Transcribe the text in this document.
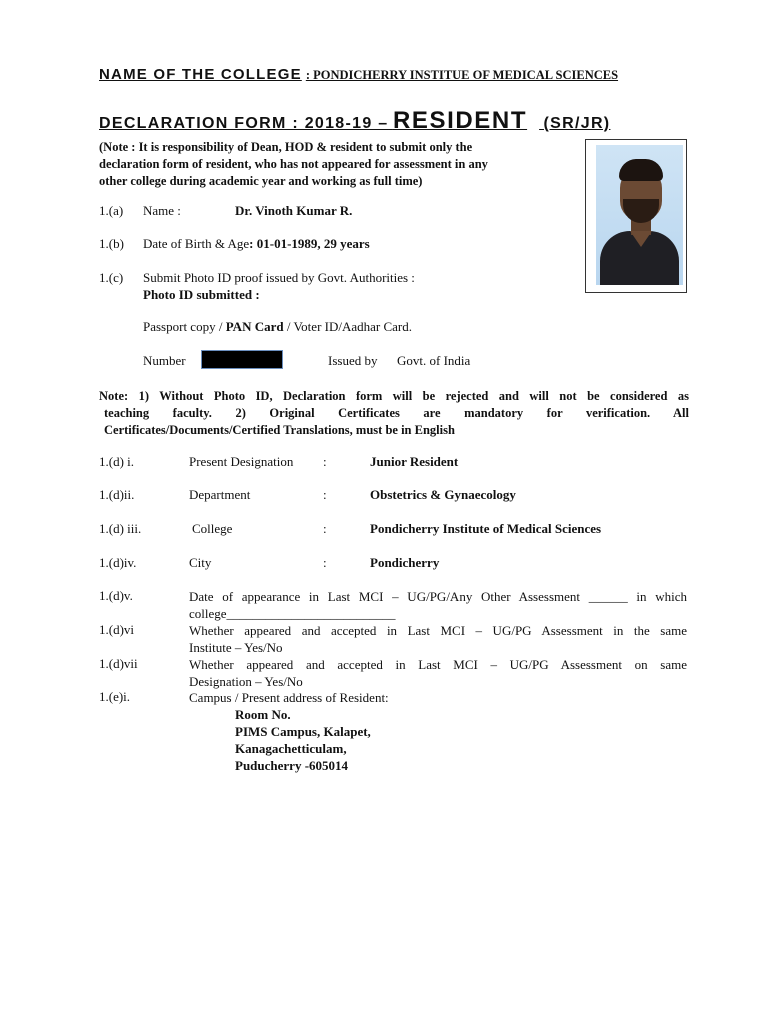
NAME OF THE COLLEGE : PONDICHERRY INSTITUE OF MEDICAL SCIENCES
DECLARATION FORM : 2018-19 – RESIDENT (SR/JR)
(Note : It is responsibility of Dean, HOD & resident to submit only the
declaration form of resident, who has not appeared for assessment in any
other college during academic year and working as full time)
1.(a) Name :	Dr. Vinoth Kumar R.
1.(b) Date of Birth & Age: 01-01-1989, 29 years
1.(c) Submit Photo ID proof issued by Govt. Authorities :
Photo ID submitted :
Passport copy / PAN Card / Voter ID/Aadhar Card.
Number	Issued by Govt. of India
Note: 1) Without Photo ID, Declaration form will be rejected and will not be considered as
teaching faculty. 2) Original Certificates are mandatory for verification. All
Certificates/Documents/Certified Translations, must be in English
1.(d) i.	Present Designation :	Junior Resident
1.(d)ii.	Department	:	Obstetrics & Gynaecology
1.(d) iii.	College	:	Pondicherry Institute of Medical Sciences
1.(d)iv.	City	:	Pondicherry
1.(d)v.	Date of appearance in Last MCI – UG/PG/Any Other Assessment ______ in which
college__________________________
1.(d)vi	Whether appeared and accepted in Last MCI – UG/PG Assessment in the same
Institute – Yes/No
1.(d)vii	Whether appeared and accepted in Last MCI – UG/PG Assessment on same
Designation – Yes/No
1.(e)i.	Campus / Present address of Resident:
Room No.
PIMS Campus, Kalapet,
Kanagachetticulam,
Puducherry -605014
